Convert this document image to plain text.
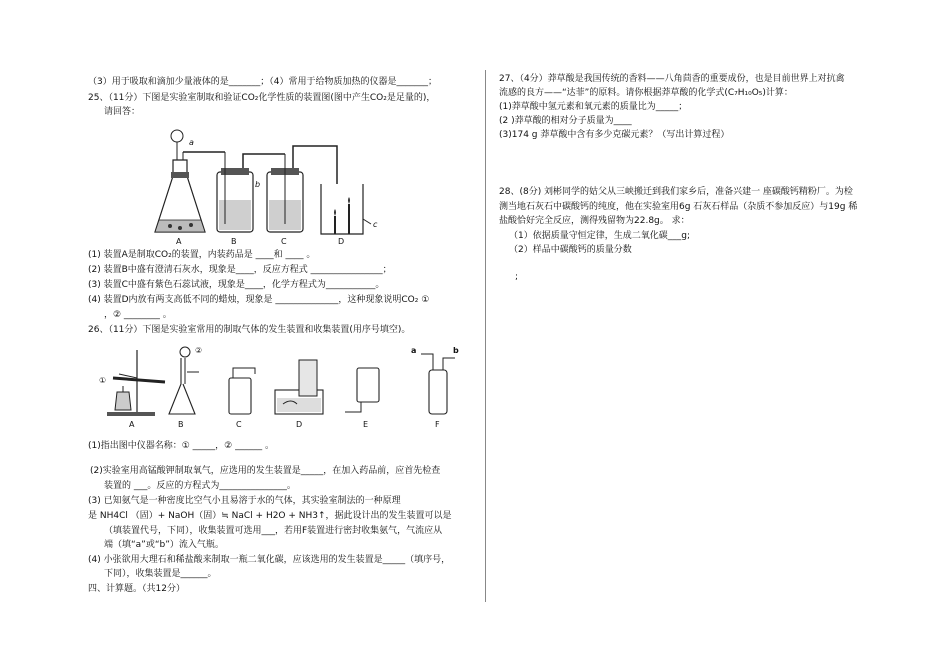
（3）用于吸取和滴加少量液体的是_______；（4）常用于给物质加热的仪器是_______；
25、（11分）下图是实验室制取和验证CO₂化学性质的装置图(图中产生CO₂是足量的)，
请回答：
a
b
c
A	B	C	D
(1) 装置A是制取CO₂的装置，内装药品是 ____和 ____ 。
(2) 装置B中盛有澄清石灰水，现象是____，反应方程式 ________________；
(3) 装置C中盛有紫色石蕊试液，现象是____，化学方程式为___________。
(4) 装置D内放有两支高低不同的蜡烛，现象是 ______________，这种现象说明CO₂ ①
，② ________ 。
26、（11分）下图是实验室常用的制取气体的发生装置和收集装置(用序号填空)。
①
②
A	B	C	D	E	F
a	b
(1)指出图中仪器名称：① _____，② ______ 。
(2)实验室用高锰酸钾制取氧气，应选用的发生装置是_____，在加入药品前，应首先检查
装置的 ___。反应的方程式为_______________。
(3) 已知氨气是一种密度比空气小且易溶于水的气体，其实验室制法的一种原理
是 NH4Cl （固）+ NaOH（固）≒ NaCl + H2O + NH3↑，据此设计出的发生装置可以是
（填装置代号，下同），收集装置可选用___，若用F装置进行密封收集氨气，气流应从
端（填“a”或“b”）流入气瓶。
(4) 小张欲用大理石和稀盐酸来制取一瓶二氧化碳，应该选用的发生装置是_____（填序号，
下同），收集装置是______。
四、计算题。（共12分）
27、（4分）莽草酸是我国传统的香料——八角茴香的重要成份，也是目前世界上对抗禽
流感的良方——“达菲”的原料。请你根据莽草酸的化学式(C₇H₁₀O₅)计算：
(1)莽草酸中氢元素和氧元素的质量比为_____；
(2 )莽草酸的相对分子质量为____
(3)174 g 莽草酸中含有多少克碳元素？（写出计算过程）
28、(8分) 刘彬同学的姑父从三峡搬迁到我们家乡后，准备兴建一 座碳酸钙精粉厂。为检
测当地石灰石中碳酸钙的纯度，他在实验室用6g 石灰石样品（杂质不参加反应）与19g 稀
盐酸恰好完全反应，测得残留物为22.8g。 求：
（1）依据质量守恒定律，生成二氧化碳___g;
（2）样品中碳酸钙的质量分数
;
